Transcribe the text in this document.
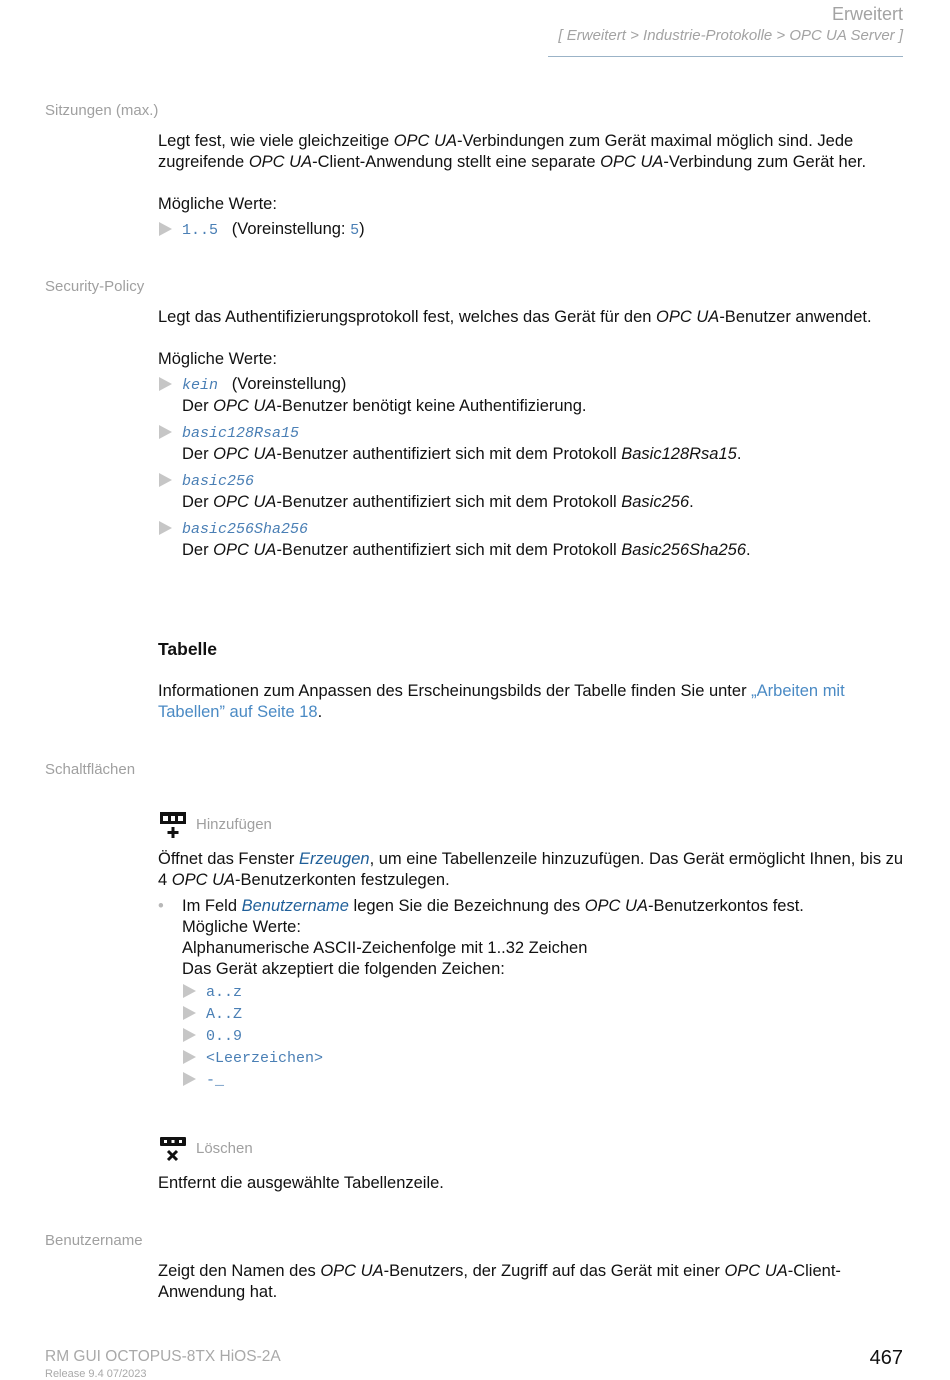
Erweitert
[ Erweitert > Industrie-Protokolle > OPC UA Server ]
Sitzungen (max.)

Legt fest, wie viele gleichzeitige OPC UA-Verbindungen zum Gerät maximal möglich sind. Jede zugreifende OPC UA-Client-Anwendung stellt eine separate OPC UA-Verbindung zum Gerät her.

Mögliche Werte:

1..5 (Voreinstellung: 5)
Security-Policy

Legt das Authentifizierungsprotokoll fest, welches das Gerät für den OPC UA-Benutzer anwendet.

Mögliche Werte:

kein (Voreinstellung)
Der OPC UA-Benutzer benötigt keine Authentifizierung.
basic128Rsa15
Der OPC UA-Benutzer authentifiziert sich mit dem Protokoll Basic128Rsa15.
basic256
Der OPC UA-Benutzer authentifiziert sich mit dem Protokoll Basic256.
basic256Sha256
Der OPC UA-Benutzer authentifiziert sich mit dem Protokoll Basic256Sha256.
Tabelle

Informationen zum Anpassen des Erscheinungsbilds der Tabelle finden Sie unter „Arbeiten mit Tabellen” auf Seite 18.

Schaltflächen
Hinzufügen

Öffnet das Fenster Erzeugen, um eine Tabellenzeile hinzuzufügen. Das Gerät ermöglicht Ihnen, bis zu 4 OPC UA-Benutzerkonten festzulegen.

• Im Feld Benutzername legen Sie die Bezeichnung des OPC UA-Benutzerkontos fest.
Mögliche Werte:
Alphanumerische ASCII-Zeichenfolge mit 1..32 Zeichen
Das Gerät akzeptiert die folgenden Zeichen:
a..z
A..Z
0..9
<Leerzeichen>
-_
Löschen

Entfernt die ausgewählte Tabellenzeile.

Benutzername

Zeigt den Namen des OPC UA-Benutzers, der Zugriff auf das Gerät mit einer OPC UA-Client-Anwendung hat.

RM GUI OCTOPUS-8TX HiOS-2A
Release 9.4 07/2023
467
